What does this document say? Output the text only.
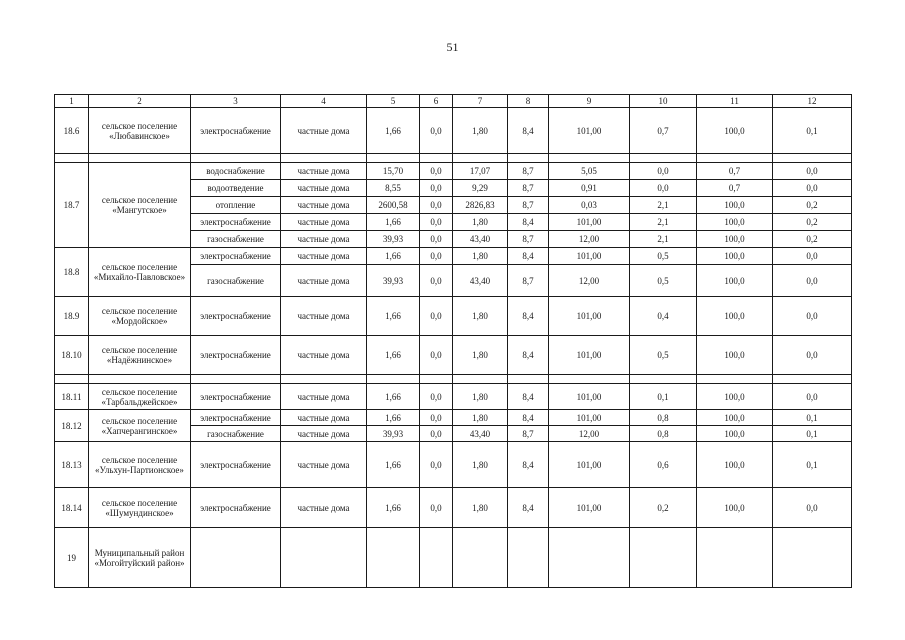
51
1	2	3	4	5	6	7	8	9	10	11	12
18.6	сельское поселение «Любавинское»	электроснабжение	частные дома	1,66	0,0	1,80	8,4	101,00	0,7	100,0	0,1

18.7	сельское поселение «Мангутское»	водоснабжение	частные дома	15,70	0,0	17,07	8,7	5,05	0,0	0,7	0,0
		водоотведение	частные дома	8,55	0,0	9,29	8,7	0,91	0,0	0,7	0,0
		отопление	частные дома	2600,58	0,0	2826,83	8,7	0,03	2,1	100,0	0,2
		электроснабжение	частные дома	1,66	0,0	1,80	8,4	101,00	2,1	100,0	0,2
		газоснабжение	частные дома	39,93	0,0	43,40	8,7	12,00	2,1	100,0	0,2
18.8	сельское поселение «Михайло-Павловское»	электроснабжение	частные дома	1,66	0,0	1,80	8,4	101,00	0,5	100,0	0,0
		газоснабжение	частные дома	39,93	0,0	43,40	8,7	12,00	0,5	100,0	0,0
18.9	сельское поселение «Мордойское»	электроснабжение	частные дома	1,66	0,0	1,80	8,4	101,00	0,4	100,0	0,0
18.10	сельское поселение «Надёжнинское»	электроснабжение	частные дома	1,66	0,0	1,80	8,4	101,00	0,5	100,0	0,0

18.11	сельское поселение «Тарбальджейское»	электроснабжение	частные дома	1,66	0,0	1,80	8,4	101,00	0,1	100,0	0,0
18.12	сельское поселение «Хапчерангинское»	электроснабжение	частные дома	1,66	0,0	1,80	8,4	101,00	0,8	100,0	0,1
		газоснабжение	частные дома	39,93	0,0	43,40	8,7	12,00	0,8	100,0	0,1
18.13	сельское поселение «Ульхун-Партионское»	электроснабжение	частные дома	1,66	0,0	1,80	8,4	101,00	0,6	100,0	0,1
18.14	сельское поселение «Шумундинское»	электроснабжение	частные дома	1,66	0,0	1,80	8,4	101,00	0,2	100,0	0,0
19	Муниципальный район «Могойтуйский район»										
